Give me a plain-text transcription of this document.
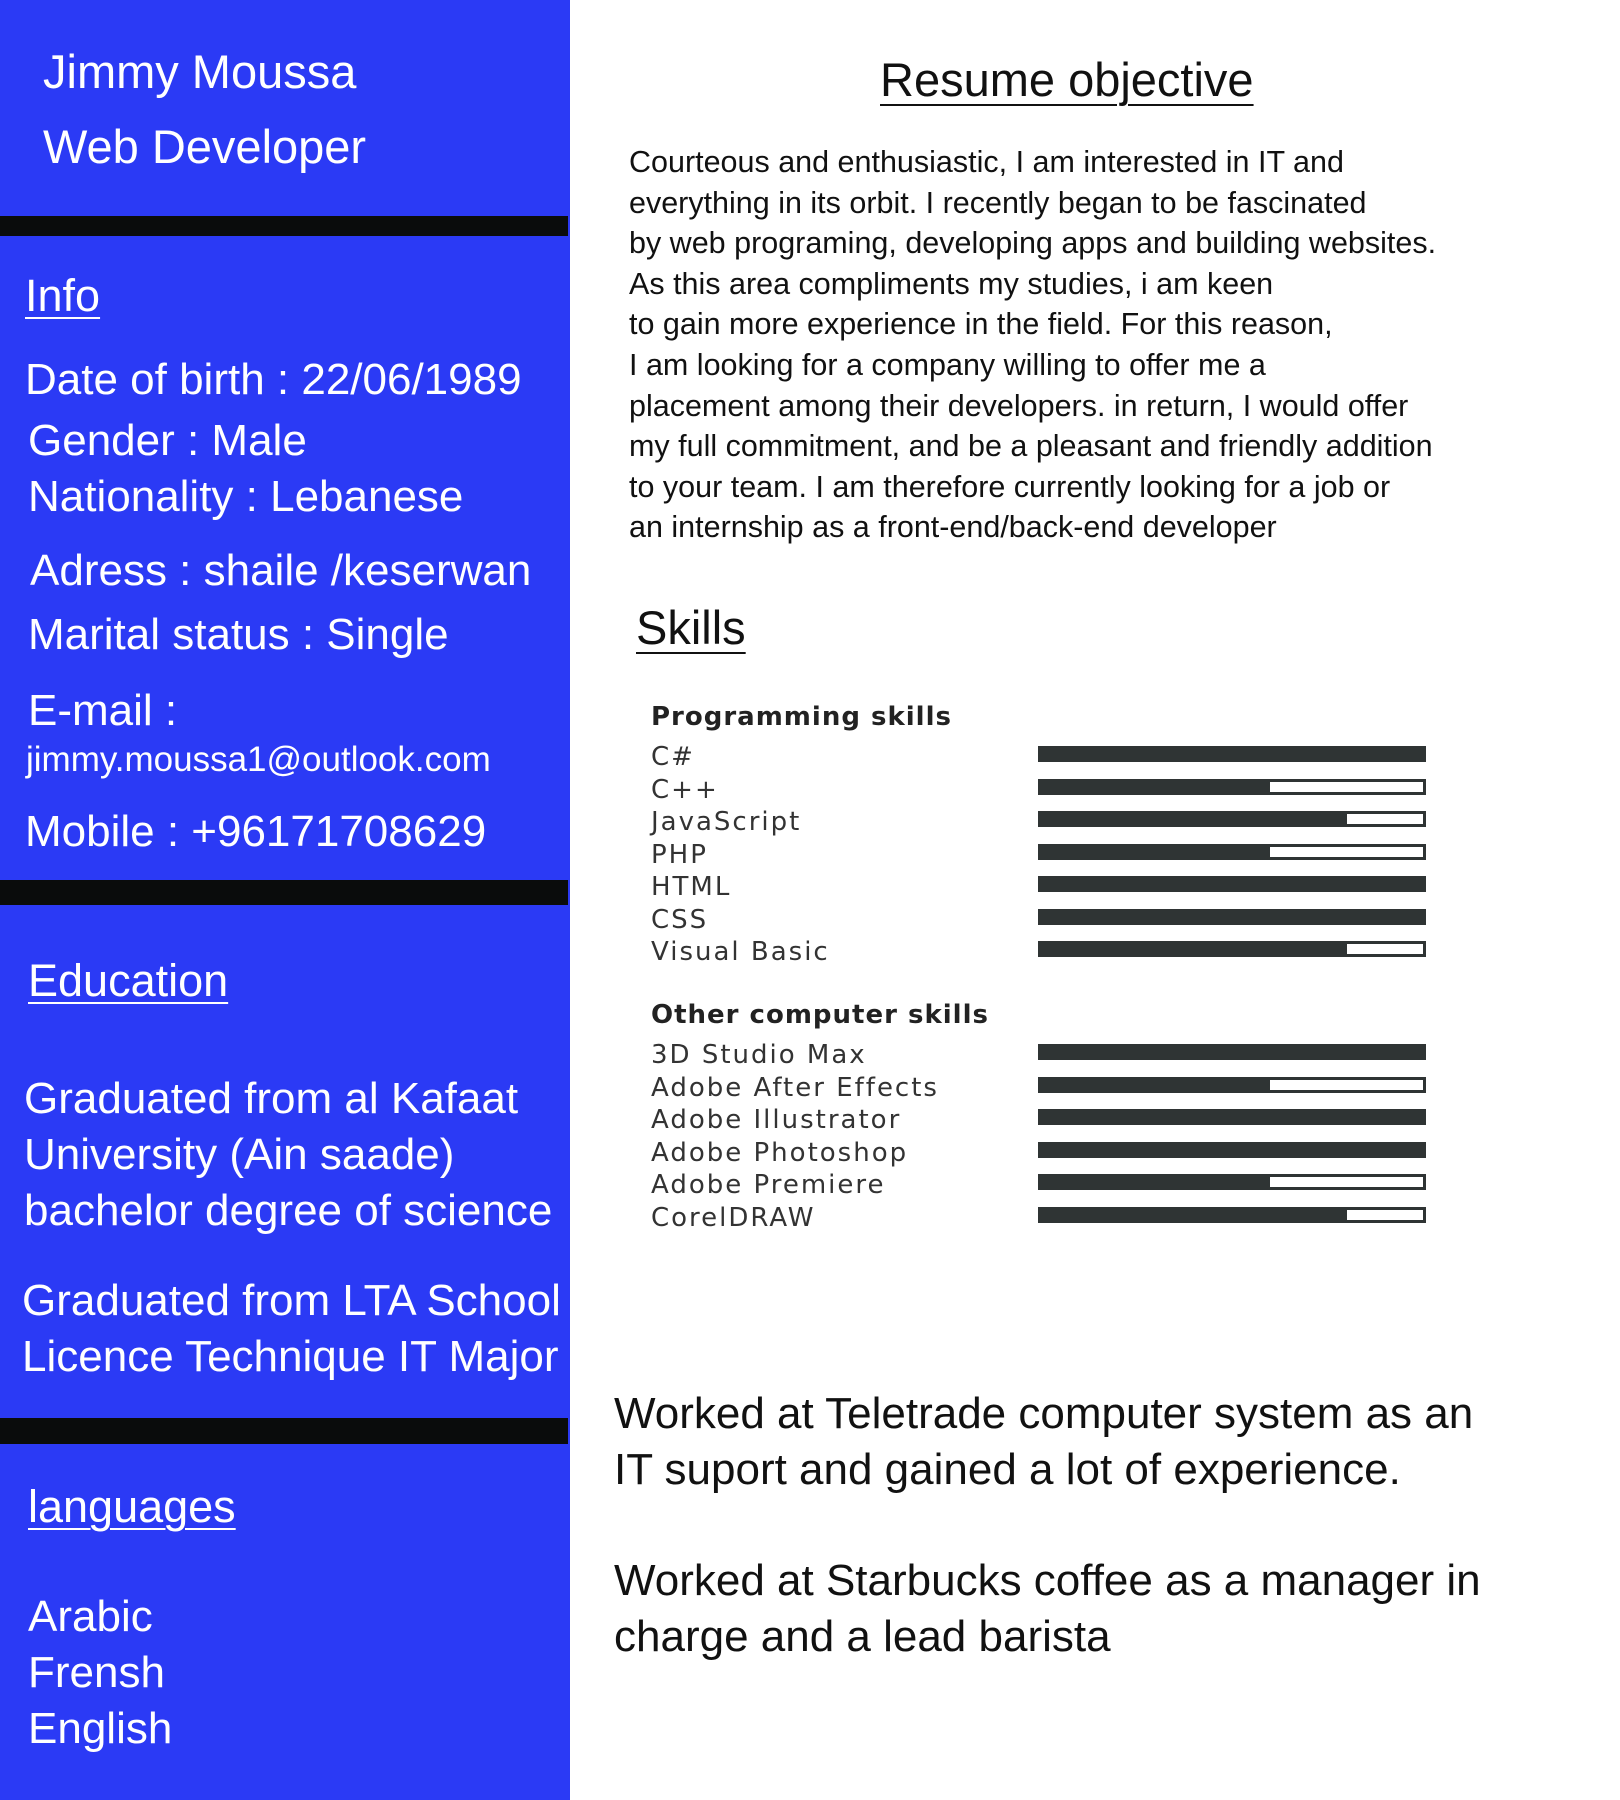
Jimmy Moussa
Web Developer
Info
Date of birth : 22/06/1989
Gender : Male
Nationality : Lebanese
Adress : shaile /keserwan
Marital status : Single
E-mail :
jimmy.moussa1@outlook.com
Mobile : +96171708629
Education
Graduated from al Kafaat
University (Ain saade)
bachelor degree of science
Graduated from LTA School
Licence Technique IT Major
languages
Arabic
Frensh
English
Resume objective
Courteous and enthusiastic, I am interested in IT and
everything in its orbit. I recently began to be fascinated
by web programing, developing apps and building websites.
As this area compliments my studies, i am keen
to gain more experience in the field. For this reason,
I am looking for a company willing to offer me a
placement among their developers. in return, I would offer
my full commitment, and be a pleasant and friendly addition
to your team. I am therefore currently looking for a job or
an internship as a front-end/back-end developer
Skills
Programming skills
C#
C++
JavaScript
PHP
HTML
CSS
Visual Basic
Other computer skills
3D Studio Max
Adobe After Effects
Adobe Illustrator
Adobe Photoshop
Adobe Premiere
CorelDRAW
Worked at Teletrade computer system as an
IT suport and gained a lot of experience.
Worked at Starbucks coffee as a manager in
charge and a lead barista
